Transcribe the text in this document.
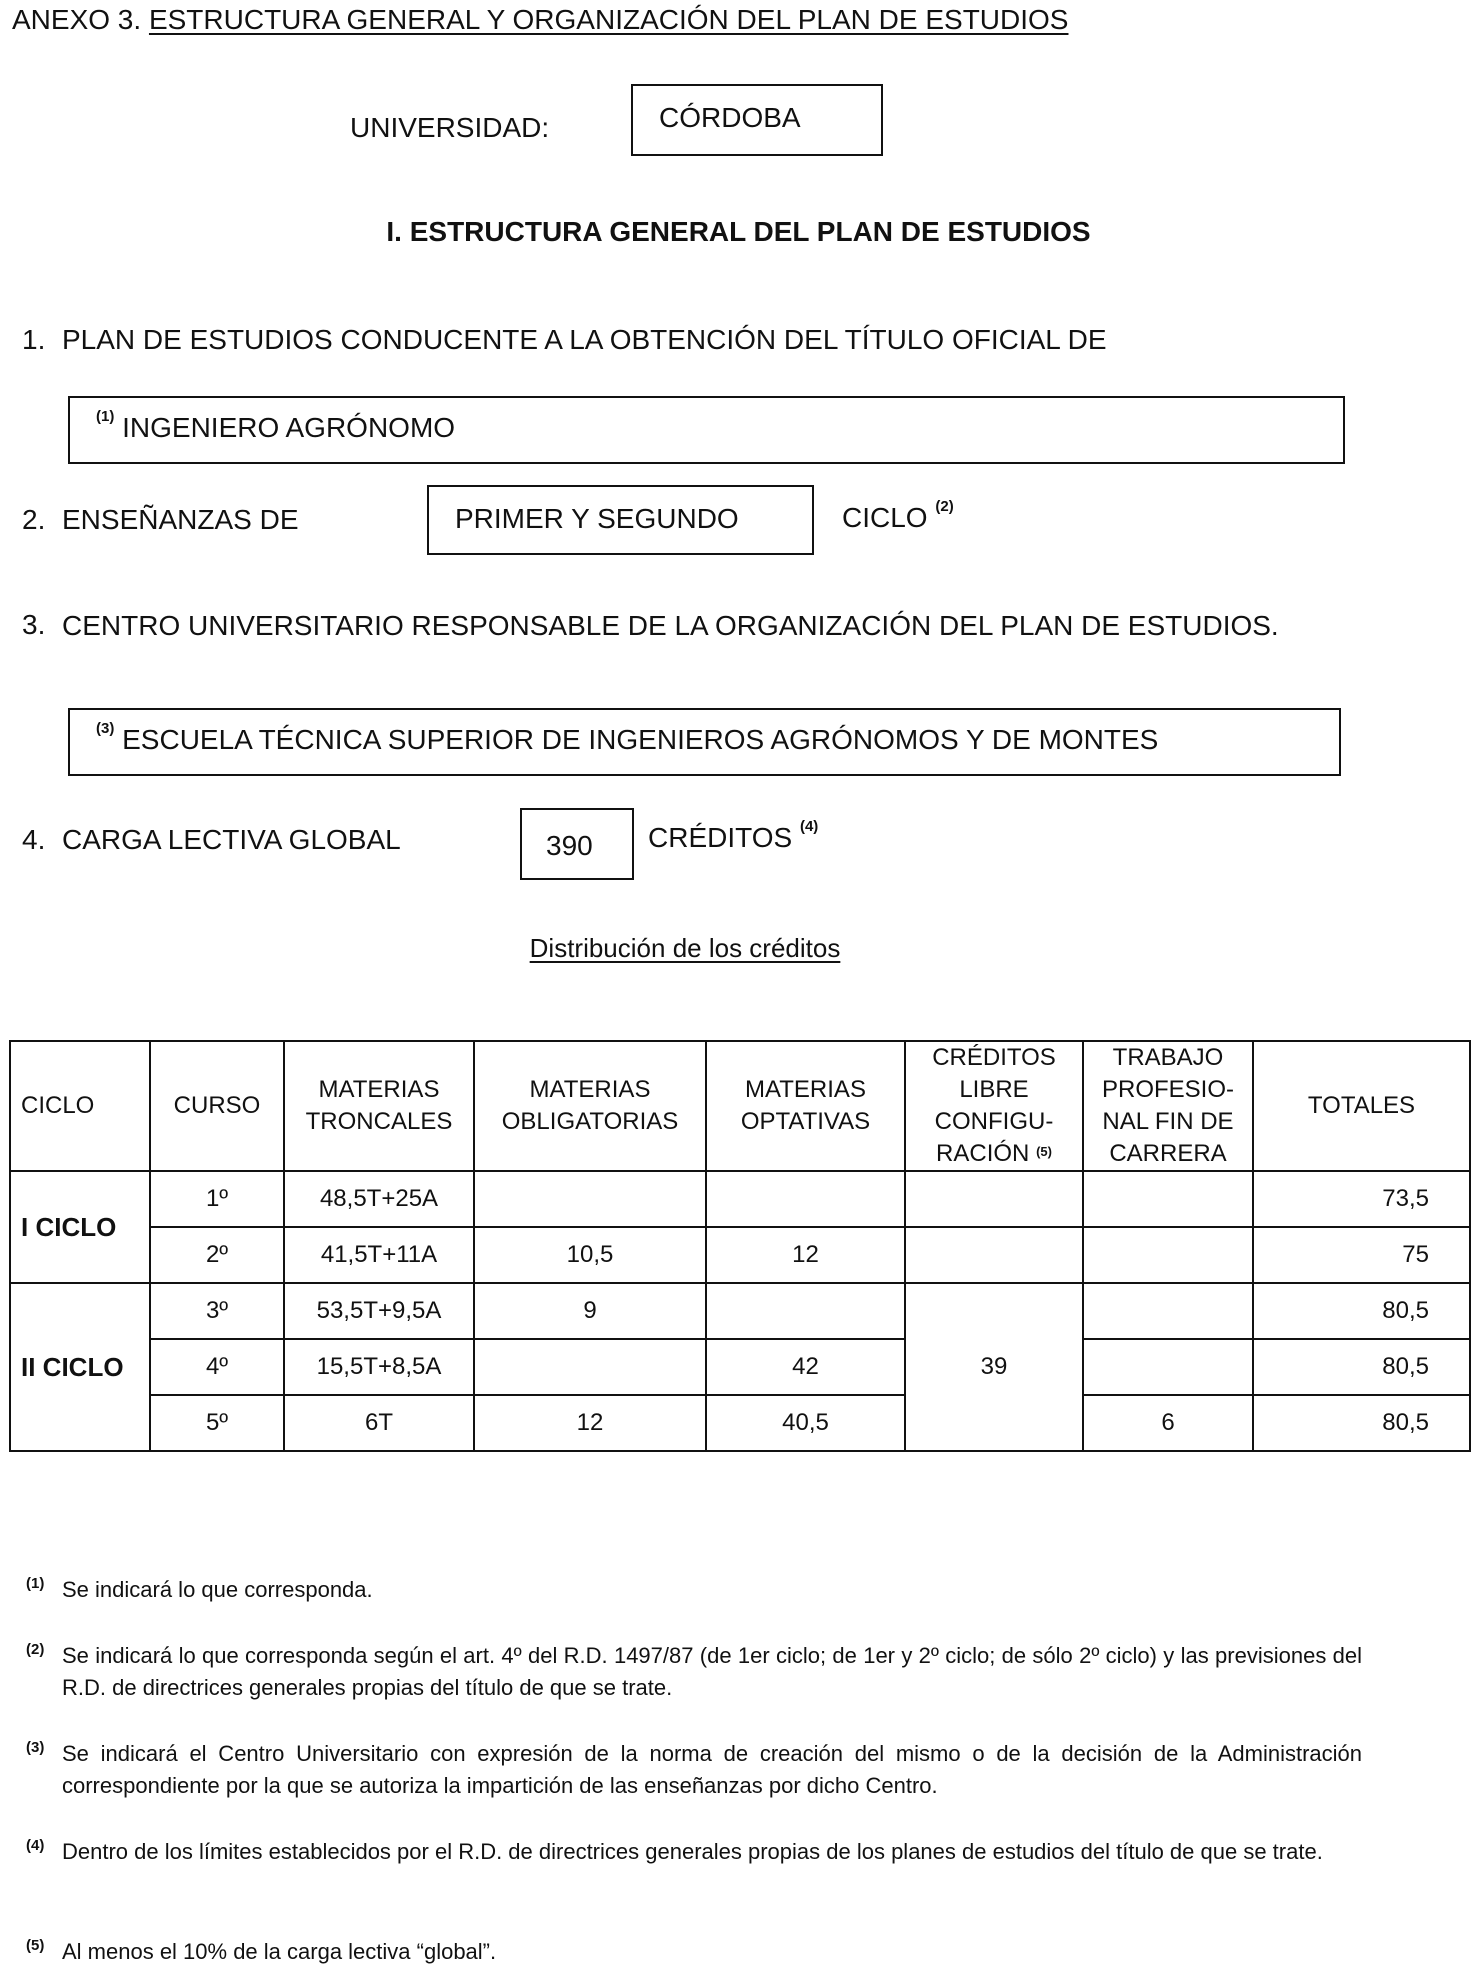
ANEXO 3. ESTRUCTURA GENERAL Y ORGANIZACIÓN DEL PLAN DE ESTUDIOS
UNIVERSIDAD:	CÓRDOBA
I. ESTRUCTURA GENERAL DEL PLAN DE ESTUDIOS
1. PLAN DE ESTUDIOS CONDUCENTE A LA OBTENCIÓN DEL TÍTULO OFICIAL DE
$^{(1)}$ INGENIERO AGRÓNOMO
2. ENSEÑANZAS DE	PRIMER Y SEGUNDO	CICLO $^{(2)}$
3. CENTRO UNIVERSITARIO RESPONSABLE DE LA ORGANIZACIÓN DEL PLAN DE ESTUDIOS.
$^{(3)}$ ESCUELA TÉCNICA SUPERIOR DE INGENIEROS AGRÓNOMOS Y DE MONTES
4. CARGA LECTIVA GLOBAL	390	CRÉDITOS $^{(4)}$
Distribución de los créditos
CICLO	CURSO	MATERIAS TRONCALES	MATERIAS OBLIGATORIAS	MATERIAS OPTATIVAS	CRÉDITOS LIBRE CONFIGU- RACIÓN $^{(5)}$	TRABAJO PROFESIO- NAL FIN DE CARRERA	TOTALES
I CICLO	1º	48,5T+25A					73,5
	2º	41,5T+11A	10,5	12			75
II CICLO	3º	53,5T+9,5A	9		39		80,5
	4º	15,5T+8,5A		42			80,5
	5º	6T	12	40,5		6	80,5
(1) Se indicará lo que corresponda.
(2) Se indicará lo que corresponda según el art. 4º del R.D. 1497/87 (de 1er ciclo; de 1er y 2º ciclo; de sólo 2º ciclo) y las previsiones del R.D. de directrices generales propias del título de que se trate.
(3) Se indicará el Centro Universitario con expresión de la norma de creación del mismo o de la decisión de la Administración correspondiente por la que se autoriza la impartición de las enseñanzas por dicho Centro.
(4) Dentro de los límites establecidos por el R.D. de directrices generales propias de los planes de estudios del título de que se trate.
(5) Al menos el 10% de la carga lectiva “global”.
